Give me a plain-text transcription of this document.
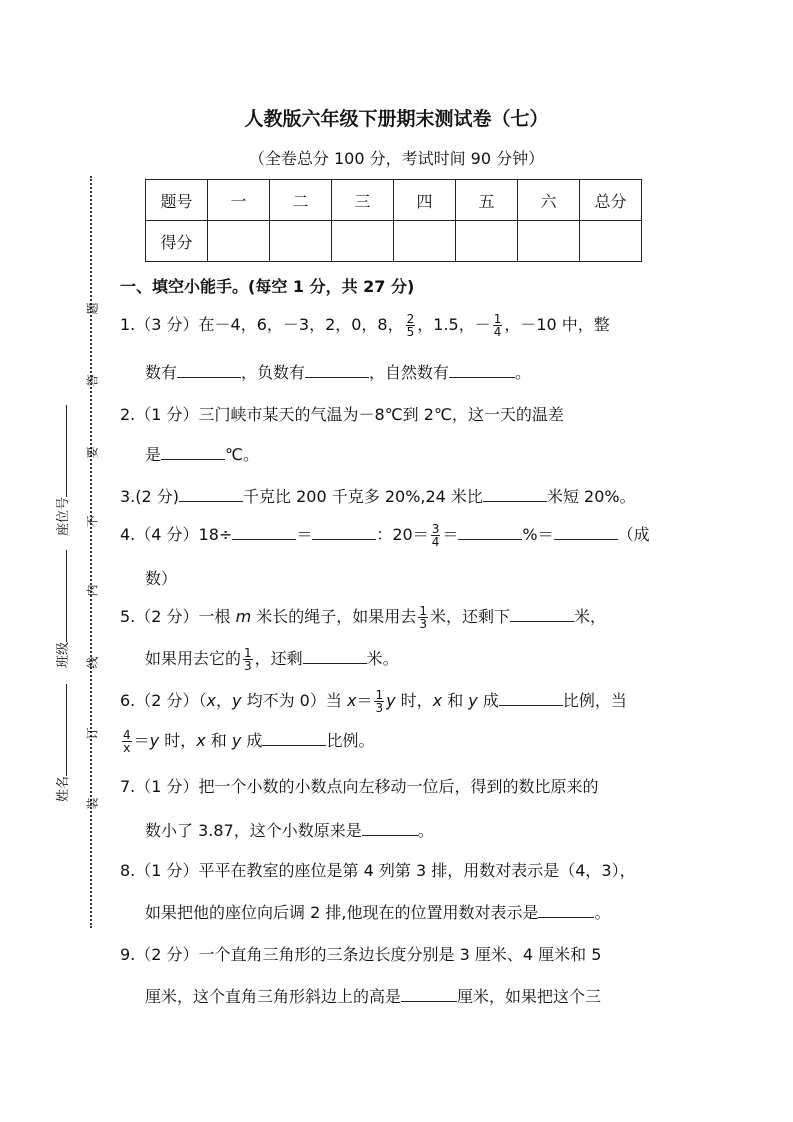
题
答
要
不
内
线
订
装
座位号
班级
姓名
人教版六年级下册期末测试卷（七）
（全卷总分 100 分，考试时间 90 分钟）
题号	一	二	三	四	五	六	总分
得分							
一、填空小能手。(每空 1 分，共 27 分)
1.（3 分）在－4，6，－3，2，0，8， $\frac{2}{5}$ ，1.5，－ $\frac{1}{4}$ ，－10 中，整
数有	，负数有	，自然数有	。
2.（1 分）三门峡市某天的气温为－8℃到 2℃，这一天的温差
是	℃。
3.(2 分)	千克比 200 千克多 20%,24 米比	米短 20%。
4.（4 分）18÷	＝	：$20= \frac{3}{4}$ ＝	%＝	（成
数）
5.（2 分）一根 m 米长的绳子，如果用去 $\frac{1}{3}$ 米，还剩下	米，
如果用去它的 $\frac{1}{3}$ ，还剩	米。
6.（2 分）（x，y 均不为 0）当 $x= \frac{1}{3}$ y 时，x 和 y 成	比例，当
$\frac{4}{x} =y$ 时，x 和 y 成	比例。
7.（1 分）把一个小数的小数点向左移动一位后，得到的数比原来的
数小了 3.87，这个小数原来是	。
8.（1 分）平平在教室的座位是第 4 列第 3 排，用数对表示是（4，3），
如果把他的座位向后调 2 排,他现在的位置用数对表示是	。
9.（2 分）一个直角三角形的三条边长度分别是 3 厘米、4 厘米和 5
厘米，这个直角三角形斜边上的高是	厘米，如果把这个三
